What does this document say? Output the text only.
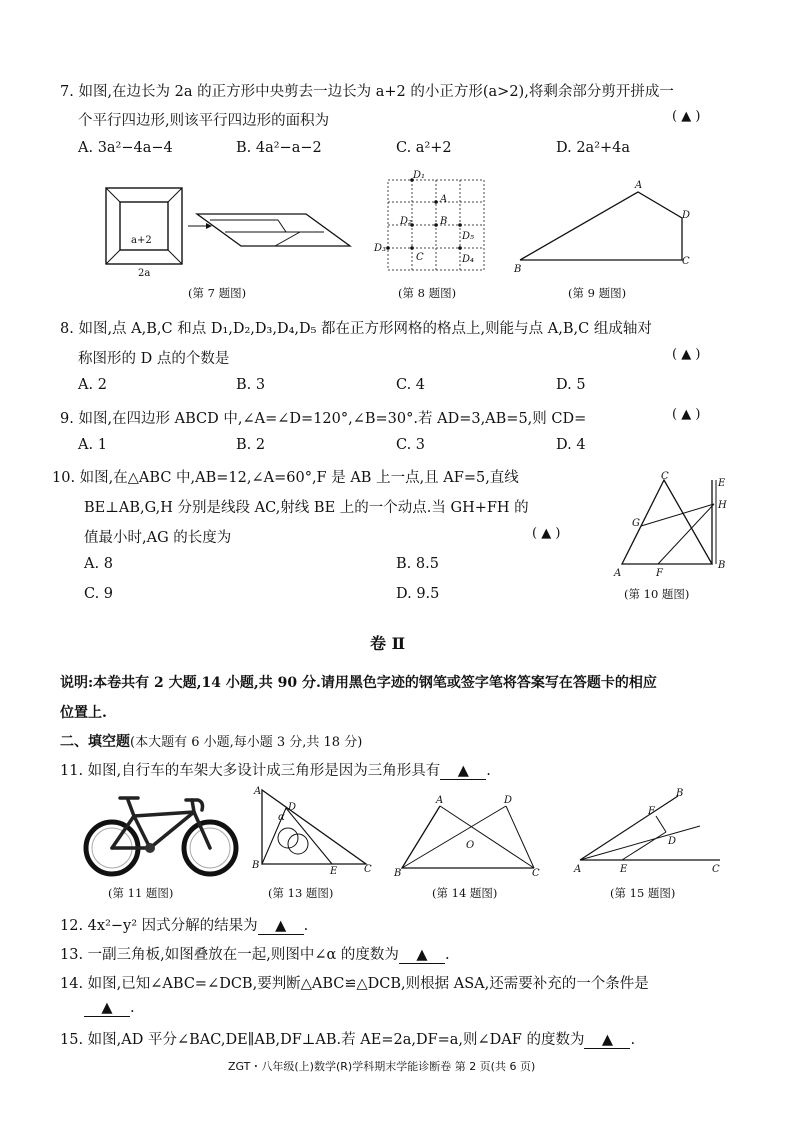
7. 如图,在边长为 2a 的正方形中央剪去一边长为 a+2 的小正方形(a>2),将剩余部分剪开拼成一
个平行四边形,则该平行四边形的面积为	( ▲ )
A. 3a²−4a−4	B. 4a²−a−2	C. a²+2	D. 2a²+4a
a+2
2a
(第 7 题图)
D₁
A
D₂	B
D₅
D₃
C	D₄
(第 8 题图)
A
D
B
C
(第 9 题图)
8. 如图,点 A,B,C 和点 D₁,D₂,D₃,D₄,D₅ 都在正方形网格的格点上,则能与点 A,B,C 组成轴对
称图形的 D 点的个数是	( ▲ )
A. 2	B. 3	C. 4	D. 5
9. 如图,在四边形 ABCD 中,∠A=∠D=120°,∠B=30°.若 AD=3,AB=5,则 CD=	( ▲ )
A. 1	B. 2	C. 3	D. 4
10. 如图,在△ABC 中,AB=12,∠A=60°,F 是 AB 上一点,且 AF=5,直线
BE⊥AB,G,H 分别是线段 AC,射线 BE 上的一个动点.当 GH+FH 的
值最小时,AG 的长度为	( ▲ )
A. 8	B. 8.5
C. 9	D. 9.5
C
E
H
G
A	F
B
(第 10 题图)
卷 Ⅱ
说明:本卷共有 2 大题,14 小题,共 90 分.请用黑色字迹的钢笔或签字笔将答案写在答题卡的相应
位置上.
二、填空题(本大题有 6 小题,每小题 3 分,共 18 分)
11. 如图,自行车的车架大多设计成三角形是因为三角形具有 ▲ .
(第 11 题图)
A
D
α
B
E	C
(第 13 题图)
A	D
O
B	C
(第 14 题图)
B
F
D
A	E	C
(第 15 题图)
12. 4x²−y² 因式分解的结果为 ▲ .
13. 一副三角板,如图叠放在一起,则图中∠α 的度数为 ▲ .
14. 如图,已知∠ABC=∠DCB,要判断△ABC≌△DCB,则根据 ASA,还需要补充的一个条件是
▲ .
15. 如图,AD 平分∠BAC,DE∥AB,DF⊥AB.若 AE=2a,DF=a,则∠DAF 的度数为 ▲ .
ZGT・八年级(上)数学(R)学科期末学能诊断卷 第 2 页(共 6 页)
